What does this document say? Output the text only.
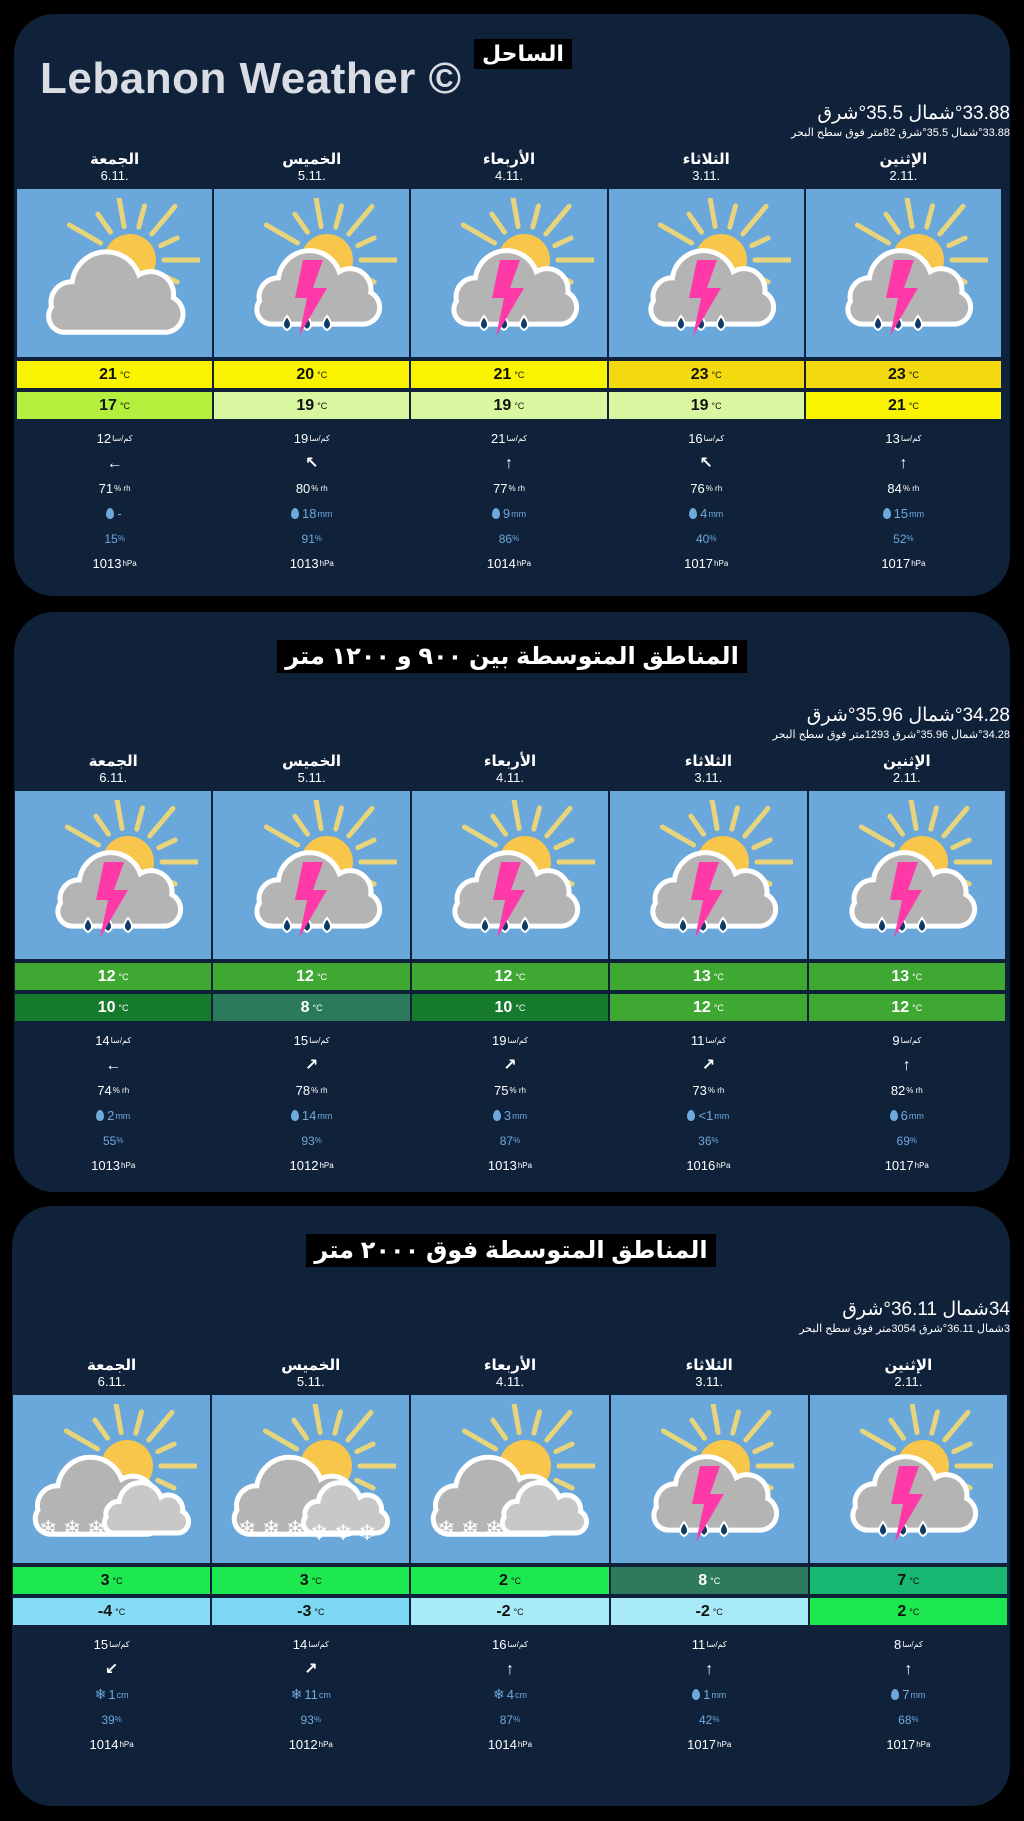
Lebanon Weather ©
الساحل
°33.88شمال 35.5°شرق
°33.88شمال 35.5°شرق 82متر فوق سطح البحر
الجمعة
6.11.
21 °C
17 °C
12 كم/سا
←
71 % rh
-
15 %
1013 hPa
الخميس
5.11.
20 °C
19 °C
19 كم/سا
↖
80 % rh
18 mm
91 %
1013 hPa
الأربعاء
4.11.
21 °C
19 °C
21 كم/سا
↑
77 % rh
9 mm
86 %
1014 hPa
الثلاثاء
3.11.
23 °C
19 °C
16 كم/سا
↖
76 % rh
4 mm
40 %
1017 hPa
الإثنين
2.11.
23 °C
21 °C
13 كم/سا
↑
84 % rh
15 mm
52 %
1017 hPa
المناطق المتوسطة بين ٩٠٠ و ١٢٠٠ متر
°34.28شمال 35.96°شرق
°34.28شمال 35.96°شرق 1293متر فوق سطح البحر
الجمعة
6.11.
12 °C
10 °C
14 كم/سا
←
74 % rh
2 mm
55 %
1013 hPa
الخميس
5.11.
12 °C
8 °C
15 كم/سا
↗
78 % rh
14 mm
93 %
1012 hPa
الأربعاء
4.11.
12 °C
10 °C
19 كم/سا
↗
75 % rh
3 mm
87 %
1013 hPa
الثلاثاء
3.11.
13 °C
12 °C
11 كم/سا
↗
73 % rh
<1 mm
36 %
1016 hPa
الإثنين
2.11.
13 °C
12 °C
9 كم/سا
↑
82 % rh
6 mm
69 %
1017 hPa
المناطق المتوسطة فوق ٢٠٠٠ متر
34شمال 36.11°شرق
3شمال 36.11°شرق 3054متر فوق سطح البحر
الجمعة
6.11.
❄ ❄ ❄
3 °C
-4 °C
15 كم/سا
↙
❄ 1 cm
39 %
1014 hPa
الخميس
5.11.
❄ ❄ ❄ ❄ ❄ ❄
3 °C
-3 °C
14 كم/سا
↗
❄ 11 cm
93 %
1012 hPa
الأربعاء
4.11.
❄ ❄ ❄
2 °C
-2 °C
16 كم/سا
↑
❄ 4 cm
87 %
1014 hPa
الثلاثاء
3.11.
8 °C
-2 °C
11 كم/سا
↑
1 mm
42 %
1017 hPa
الإثنين
2.11.
7 °C
2 °C
8 كم/سا
↑
7 mm
68 %
1017 hPa
